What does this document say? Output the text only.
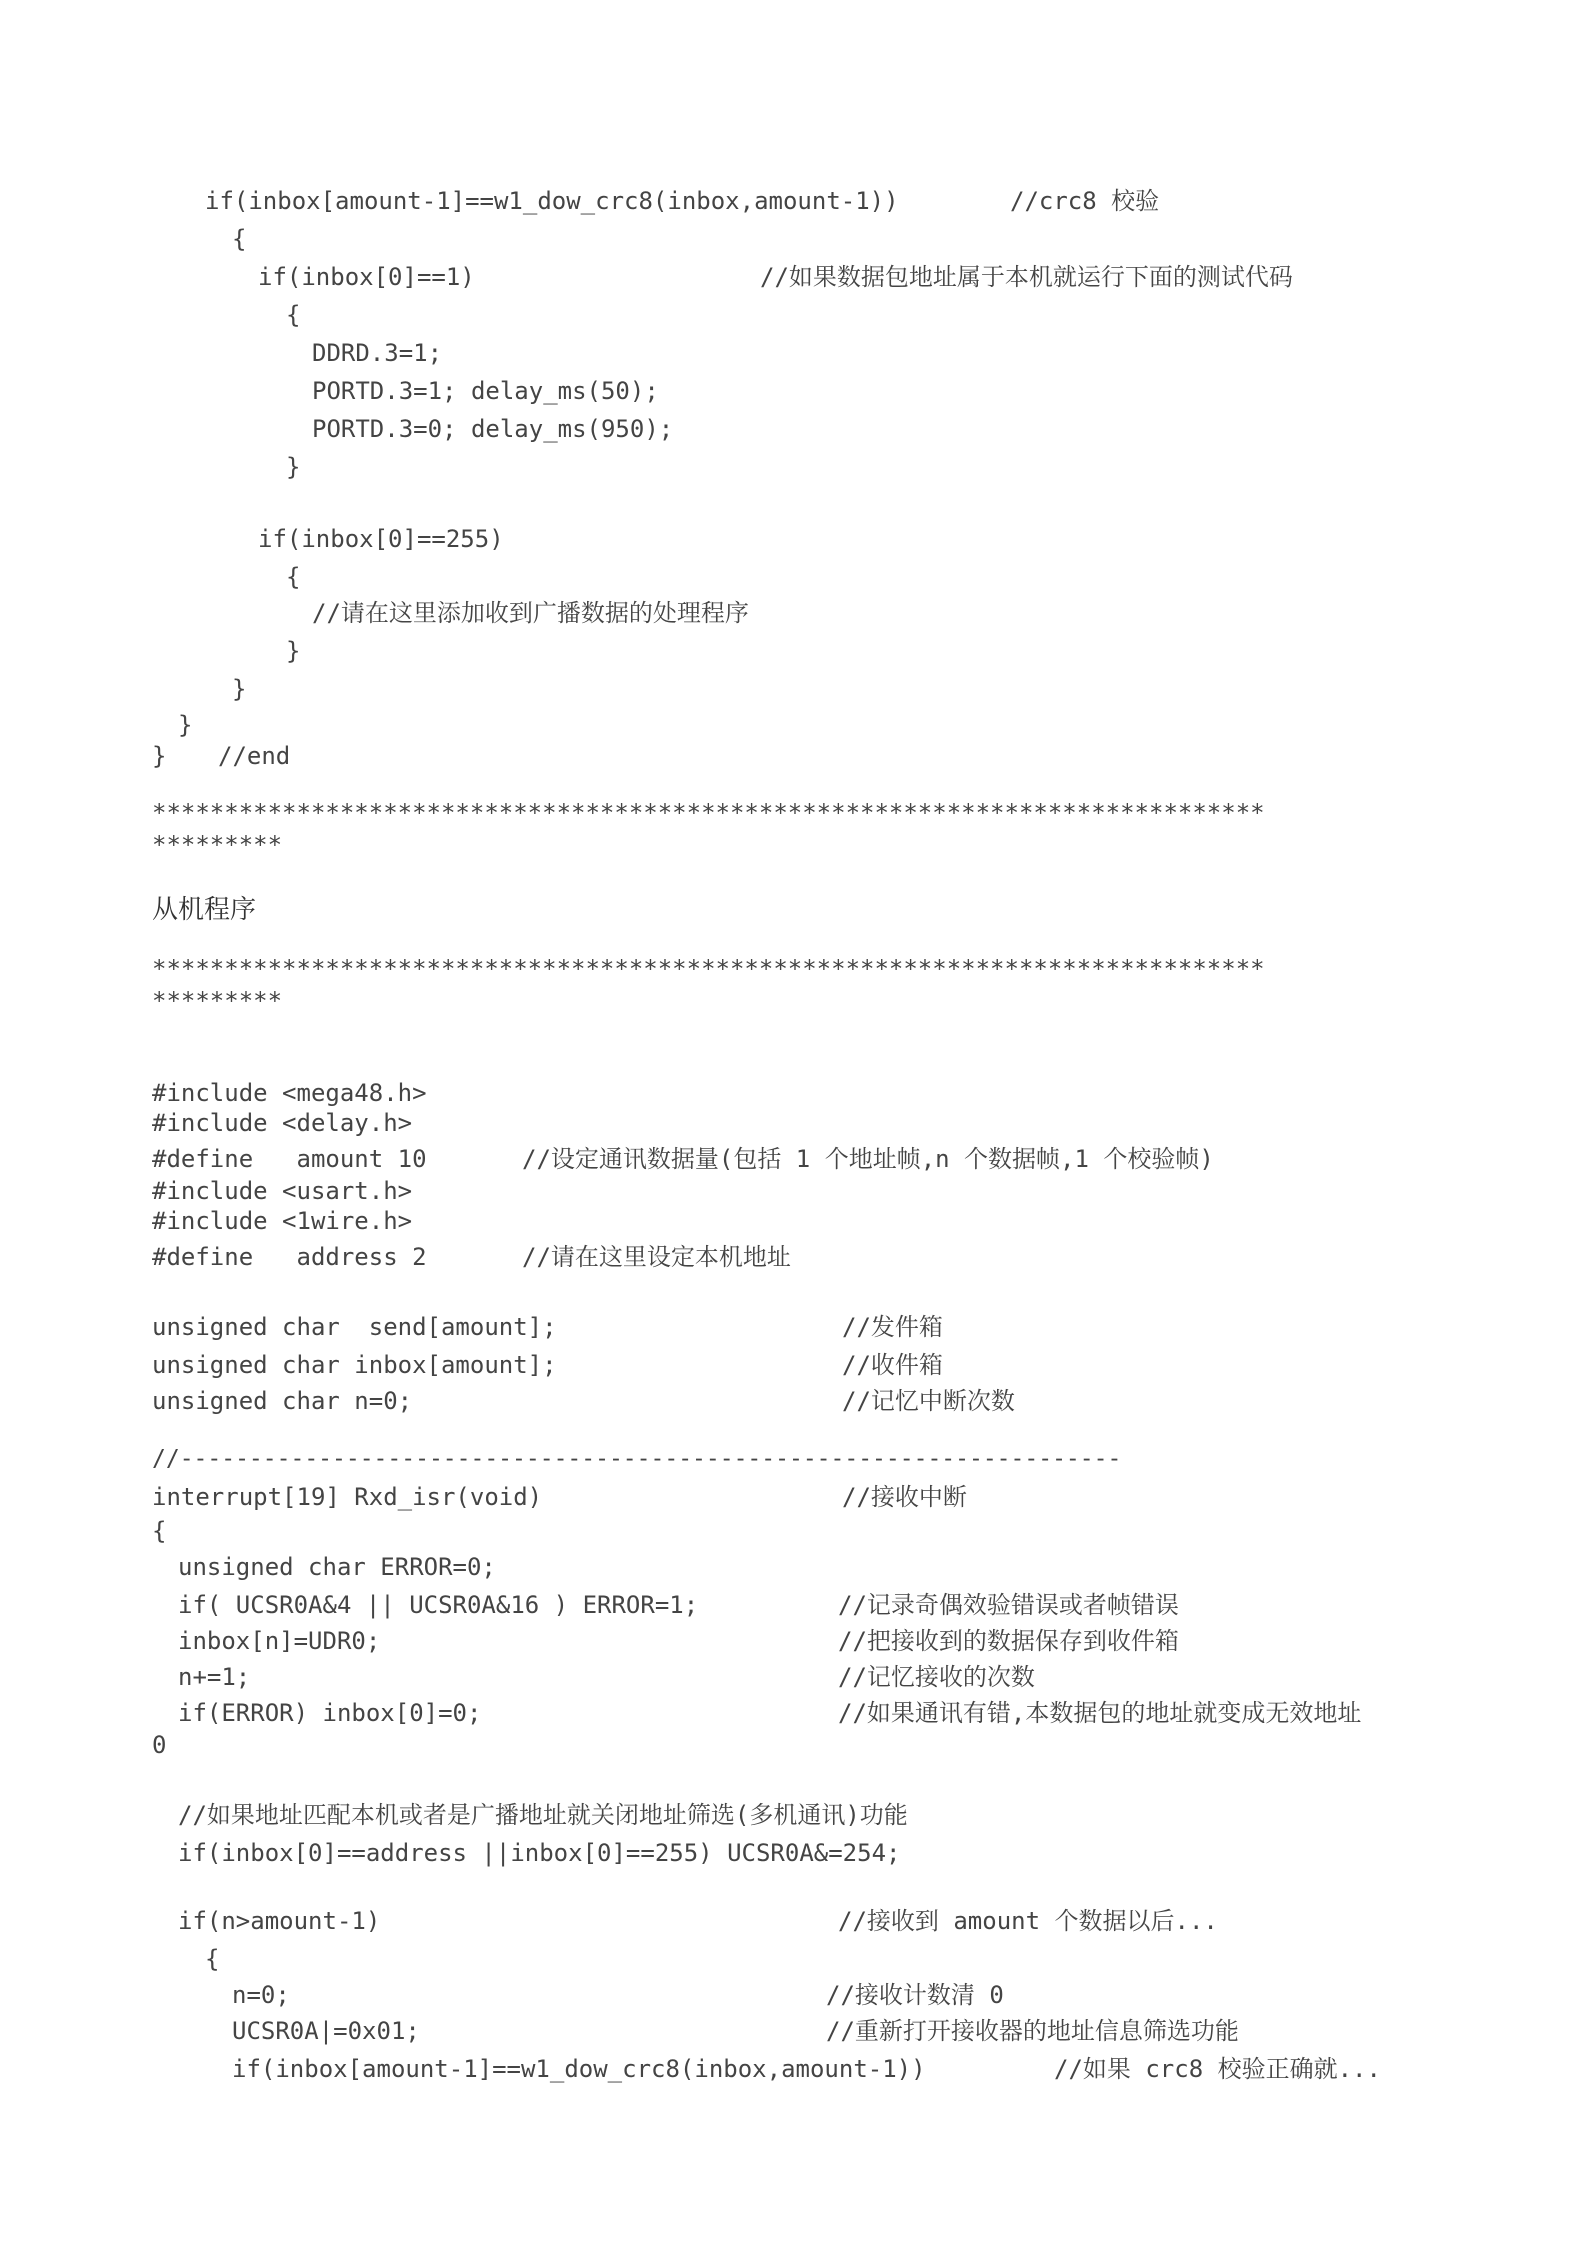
if(inbox[amount-1]==w1_dow_crc8(inbox,amount-1))	//crc8 校验
{
if(inbox[0]==1)	//如果数据包地址属于本机就运行下面的测试代码
{
DDRD.3=1;
PORTD.3=1; delay_ms(50);
PORTD.3=0; delay_ms(950);
}
if(inbox[0]==255)
{
//请在这里添加收到广播数据的处理程序
}
}
}
} //end
*****************************************************************************
*********
从机程序
*****************************************************************************
*********
#include <mega48.h>
#include <delay.h>
#define   amount 10	//设定通讯数据量(包括 1 个地址帧,n 个数据帧,1 个校验帧)
#include <usart.h>
#include <1wire.h>
#define   address 2	//请在这里设定本机地址
unsigned char  send[amount];	//发件箱
unsigned char inbox[amount];	//收件箱
unsigned char n=0;	//记忆中断次数
//--------------------------------------------------------------------
interrupt[19] Rxd_isr(void)	//接收中断
{
unsigned char ERROR=0;
if( UCSR0A&4 || UCSR0A&16 ) ERROR=1;	//记录奇偶效验错误或者帧错误
inbox[n]=UDR0;	//把接收到的数据保存到收件箱
n+=1;	//记忆接收的次数
if(ERROR) inbox[0]=0;	//如果通讯有错,本数据包的地址就变成无效地址
0
//如果地址匹配本机或者是广播地址就关闭地址筛选(多机通讯)功能
if(inbox[0]==address ||inbox[0]==255) UCSR0A&=254;
if(n>amount-1)	//接收到 amount 个数据以后...
{
n=0;	//接收计数清 0
UCSR0A|=0x01;	//重新打开接收器的地址信息筛选功能
if(inbox[amount-1]==w1_dow_crc8(inbox,amount-1))	//如果 crc8 校验正确就...
